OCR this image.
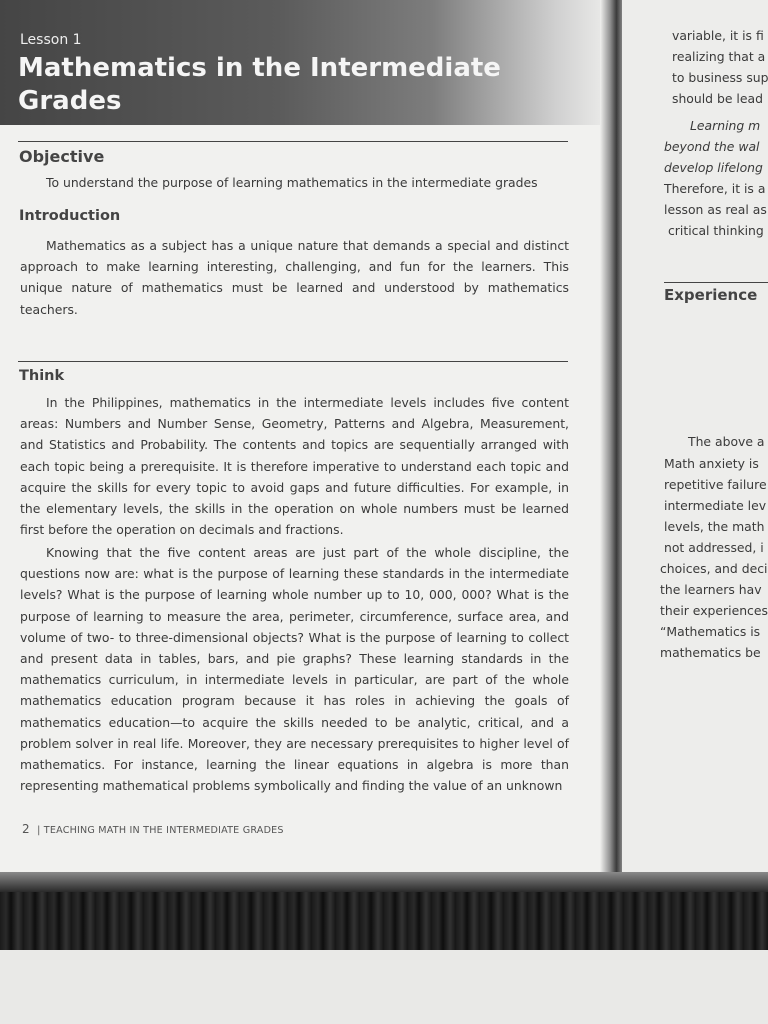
Lesson 1
Mathematics in the Intermediate Grades
Objective

To understand the purpose of learning mathematics in the intermediate grades

Introduction

Mathematics as a subject has a unique nature that demands a special and distinct approach to make learning interesting, challenging, and fun for the learners. This unique nature of mathematics must be learned and understood by mathematics teachers.

Think

In the Philippines, mathematics in the intermediate levels includes five content areas: Numbers and Number Sense, Geometry, Patterns and Algebra, Measurement, and Statistics and Probability. The contents and topics are sequentially arranged with each topic being a prerequisite. It is therefore imperative to understand each topic and acquire the skills for every topic to avoid gaps and future difficulties. For example, in the elementary levels, the skills in the operation on whole numbers must be learned first before the operation on decimals and fractions.

Knowing that the five content areas are just part of the whole discipline, the questions now are: what is the purpose of learning these standards in the intermediate levels? What is the purpose of learning whole number up to 10, 000, 000? What is the purpose of learning to measure the area, perimeter, circumference, surface area, and volume of two- to three-dimensional objects? What is the purpose of learning to collect and present data in tables, bars, and pie graphs? These learning standards in the mathematics curriculum, in intermediate levels in particular, are part of the whole mathematics education program because it has roles in achieving the goals of mathematics education—to acquire the skills needed to be analytic, critical, and a problem solver in real life. Moreover, they are necessary prerequisites to higher level of mathematics. For instance, learning the linear equations in algebra is more than representing mathematical problems symbolically and finding the value of an unknown

2 | TEACHING MATH IN THE INTERMEDIATE GRADES

variable, it is fi

realizing that a

to business sup

should be lead

Learning m

beyond the wal

develop lifelong

Therefore, it is a

lesson as real as

critical thinking

Experience

The above a

Math anxiety is

repetitive failure

intermediate lev

levels, the math

not addressed, i

choices, and deci

the learners hav

their experiences

“Mathematics is

mathematics be
